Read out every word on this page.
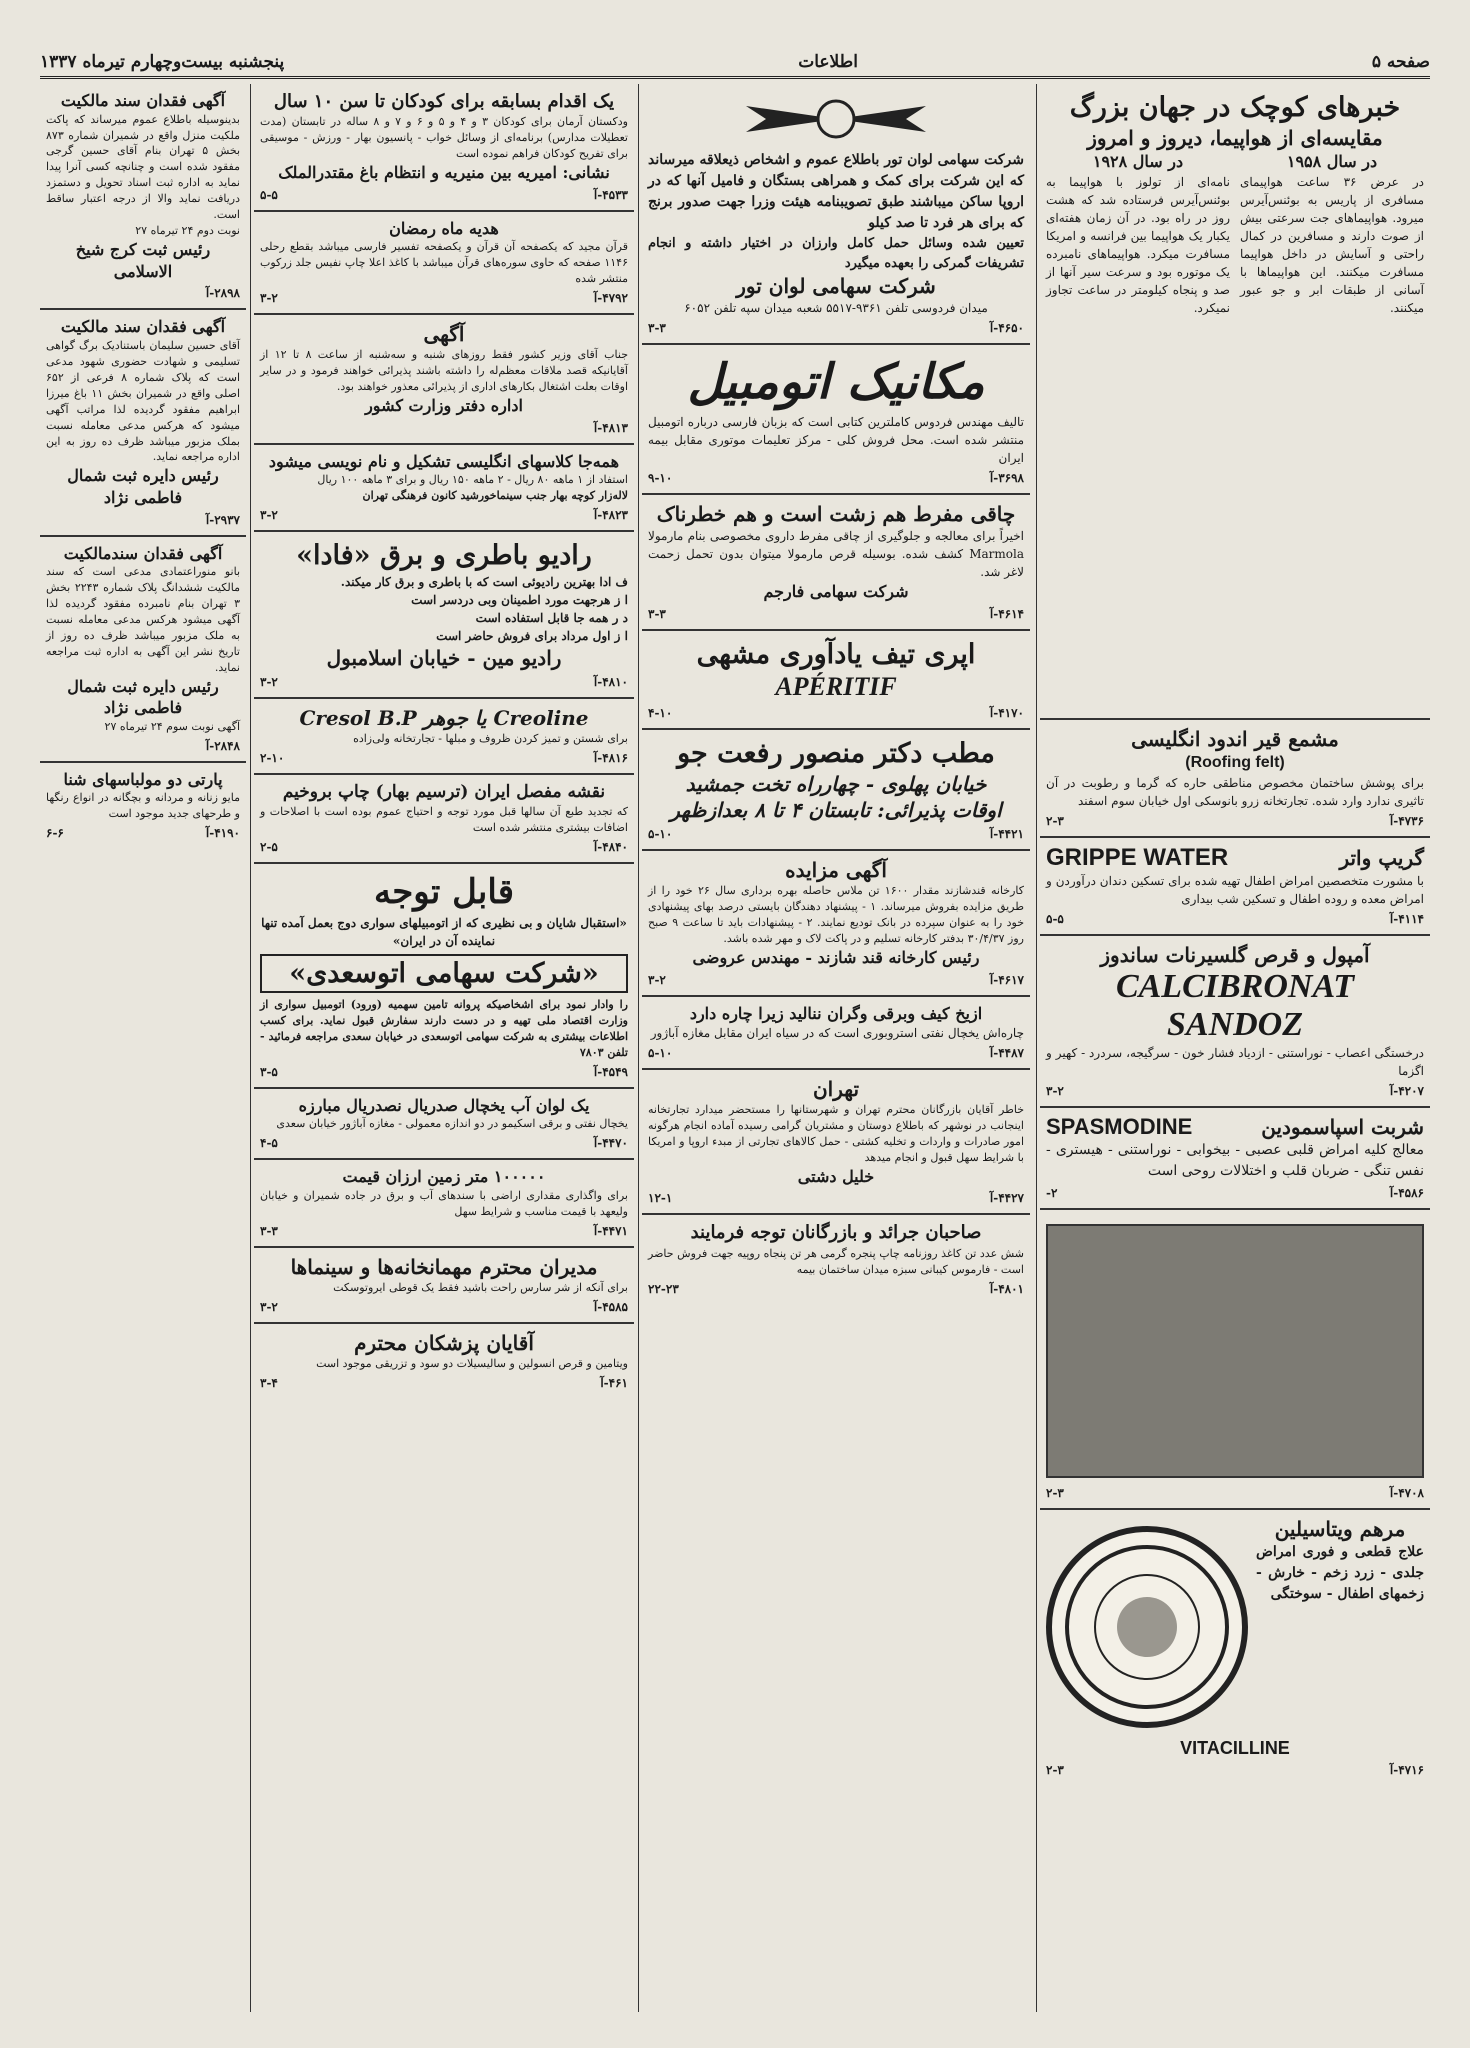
صفحه ۵
اطلاعات
پنجشنبه بیست‌وچهارم تیرماه ۱۳۳۷
خبرهای کوچک در جهان بزرگ
مقایسه‌ای از هواپیما، دیروز و امروز
در سال ۱۹۵۸
در عرض ۳۶ ساعت هواپیمای مسافری از پاریس به بوئنس‌آیرس میرود. هواپیماهای جت سرعتی بیش از صوت دارند و مسافرین در کمال راحتی و آسایش در داخل هواپیما مسافرت میکنند. این هواپیماها با آسانی از طبقات ابر و جو عبور میکنند.
در سال ۱۹۲۸
نامه‌ای از تولوز با هواپیما به بوئنس‌آیرس فرستاده شد که هشت روز در راه بود. در آن زمان هفته‌ای یکبار یک هواپیما بین فرانسه و امریکا مسافرت میکرد. هواپیماهای نامبرده یک موتوره بود و سرعت سیر آنها از صد و پنجاه کیلومتر در ساعت تجاوز نمیکرد.
مشمع قیر اندود انگلیسی
(Roofing felt)
برای پوشش ساختمان مخصوص مناطقی حاره که گرما و رطوبت در آن تاثیری ندارد وارد شده. تجارتخانه زرو بانوسکی اول خیابان سوم اسفند
۴۷۳۶-آ
۲-۳
گریپ واتر
GRIPPE WATER
با مشورت متخصصین امراض اطفال تهیه شده برای تسکین دندان درآوردن و امراض معده و روده اطفال و تسکین شب بیداری
۴۱۱۴-آ
۵-۵
آمپول و قرص گلسیرنات ساندوز
CALCIBRONAT SANDOZ
درخستگی اعصاب - نوراستنی - ازدیاد فشار خون - سرگیجه، سردرد - کهیر و اگزما
۴۲۰۷-آ
۳-۲
شربت اسپاسمودین
SPASMODINE
معالج کلیه امراض قلبی عصبی - بیخوابی - نوراستنی - هیستری - نفس تنگی - ضربان قلب و اختلالات روحی است
۴۵۸۶-آ
۲-
۴۷۰۸-آ
۲-۳
مرهم ویتاسیلین
علاج قطعی و فوری امراض جلدی - زرد زخم - خارش - زخمهای اطفال - سوختگی
VITACILLINE
۴۷۱۶-آ
۲-۳
شرکت سهامی لوان تور باطلاع عموم و اشخاص ذیعلاقه میرساند که این شرکت برای کمک و همراهی بستگان و فامیل آنها که در اروپا ساکن میباشند طبق تصویبنامه هیئت وزرا جهت صدور برنج که برای هر فرد تا صد کیلو
تعیین شده وسائل حمل کامل وارزان در اختیار داشته و انجام تشریفات گمرکی را بعهده میگیرد
شرکت سهامی لوان تور
میدان فردوسی تلفن ۹۳۶۱-۵۵۱۷ شعبه میدان سپه تلفن ۶۰۵۲
۴۶۵۰-آ
۳-۳
مکانیک اتومبیل
تالیف مهندس فردوس کاملترین کتابی است که بزبان فارسی درباره اتومبیل منتشر شده است. محل فروش کلی - مرکز تعلیمات موتوری مقابل بیمه ایران
۳۶۹۸-آ
۹-۱۰
چاقی مفرط هم زشت است و هم خطرناک
اخیراً برای معالجه و جلوگیری از چاقی مفرط داروی مخصوصی بنام مارمولا Marmola کشف شده. بوسیله قرص مارمولا میتوان بدون تحمل زحمت لاغر شد.
شرکت سهامی فارجم
۴۶۱۴-آ
۳-۳
اپری تیف یادآوری مشهی
APÉRITIF
۴۱۷۰-آ
۴-۱۰
مطب دکتر منصور رفعت جو
خیابان پهلوی - چهارراه تخت جمشید
اوقات پذیرائی: تابستان ۴ تا ۸ بعدازظهر
۴۴۲۱-آ
۵-۱۰
آگهی مزایده
کارخانه قندشازند مقدار ۱۶۰۰ تن ملاس حاصله بهره برداری سال ۲۶ خود را از طریق مزایده بفروش میرساند. ۱ - پیشنهاد دهندگان بایستی درصد بهای پیشنهادی خود را به عنوان سپرده در بانک تودیع نمایند. ۲ - پیشنهادات باید تا ساعت ۹ صبح روز ۳۰/۴/۳۷ بدفتر کارخانه تسلیم و در پاکت لاک و مهر شده باشد.
رئیس کارخانه قند شازند - مهندس عروضی
۴۶۱۷-آ
۳-۲
ازیخ کیف وبرقی وگران ننالید زیرا چاره دارد
چاره‌اش یخچال نفتی استروبوری است که در سیاه ایران مقابل مغازه آباژور
۴۴۸۷-آ
۵-۱۰
تهران
خاطر آقایان بازرگانان محترم تهران و شهرستانها را مستحضر میدارد تجارتخانه اینجانب در نوشهر که باطلاع دوستان و مشتریان گرامی رسیده آماده انجام هرگونه امور صادرات و واردات و تخلیه کشتی - حمل کالاهای تجارتی از مبدء اروپا و امریکا با شرایط سهل قبول و انجام میدهد
خلیل دشتی
۴۴۲۷-آ
۱۲-۱
صاحبان جرائد و بازرگانان توجه فرمایند
شش عدد تن کاغذ روزنامه چاپ پنجره گرمی هر تن پنجاه روپیه جهت فروش حاضر است - فارموس کیبانی سبزه میدان ساختمان بیمه
۴۸۰۱-آ
۲۲-۲۳
یک اقدام بسابقه برای کودکان تا سن ۱۰ سال
ودکستان آرمان برای کودکان ۳ و ۴ و ۵ و ۶ و ۷ و ۸ ساله در تابستان (مدت تعطیلات مدارس) برنامه‌ای از وسائل خواب - پانسیون بهار - ورزش - موسیقی برای تفریح کودکان فراهم نموده است
نشانی: امیریه بین منیریه و انتظام باغ مقتدرالملک
۴۵۳۳-آ
۵-۵
هدیه ماه رمضان
قرآن مجید که یکصفحه آن قرآن و یکصفحه تفسیر فارسی میباشد بقطع رحلی ۱۱۴۶ صفحه که حاوی سوره‌های قرآن میباشد با کاغذ اعلا چاپ نفیس جلد زرکوب منتشر شده
۴۷۹۲-آ
۳-۲
آگهی
جناب آقای وزیر کشور فقط روزهای شنبه و سه‌شنبه از ساعت ۸ تا ۱۲ از آقایانیکه قصد ملاقات معظم‌له را داشته باشند پذیرائی خواهند فرمود و در سایر اوقات بعلت اشتغال بکارهای اداری از پذیرائی معذور خواهند بود.
اداره دفتر وزارت کشور
۴۸۱۳-آ
همه‌جا کلاسهای انگلیسی تشکیل و نام نویسی میشود
استفاد از ۱ ماهه ۸۰ ریال - ۲ ماهه ۱۵۰ ریال و برای ۳ ماهه ۱۰۰ ریال
لاله‌زار کوچه بهار جنب سینماخورشید کانون فرهنگی تهران
۴۸۲۳-آ
۳-۲
رادیو باطری و برق «فادا»
ف ادا بهترین رادیوئی است که با باطری و برق کار میکند.
ا ز هرجهت مورد اطمینان وبی دردسر است
د ر همه جا قابل استفاده است
ا ز اول مرداد برای فروش حاضر است
رادیو مین - خیابان اسلامبول
۴۸۱۰-آ
۳-۲
Creoline یا جوهر Cresol B.P
برای شستن و تمیز کردن ظروف و مبلها - تجارتخانه ولی‌زاده
۴۸۱۶-آ
۲-۱۰
نقشه مفصل ایران (ترسیم بهار) چاپ بروخیم
که تجدید طبع آن سالها قبل مورد توجه و احتیاج عموم بوده است با اصلاحات و اضافات بیشتری منتشر شده است
۴۸۴۰-آ
۲-۵
قابل توجه
«استقبال شایان و بی نظیری که از اتومبیلهای سواری دوج بعمل آمده تنها نماینده آن در ایران»
«شرکت سهامی اتوسعدی»
را وادار نمود برای اشخاصیکه پروانه تامین سهمیه (ورود) اتومبیل سواری از وزارت اقتصاد ملی تهیه و در دست دارند سفارش قبول نماید. برای کسب اطلاعات بیشتری به شرکت سهامی اتوسعدی در خیابان سعدی مراجعه فرمائید - تلفن ۷۸۰۳
۴۵۴۹-آ
۳-۵
یک لوان آب یخچال صدریال نصدریال مبارزه
یخچال نفتی و برقی اسکیمو در دو اندازه معمولی - مغازه آباژور خیابان سعدی
۴۴۷۰-آ
۴-۵
۱۰۰۰۰۰ متر زمین ارزان قیمت
برای واگذاری مقداری اراضی با سندهای آب و برق در جاده شمیران و خیابان ولیعهد با قیمت مناسب و شرایط سهل
۴۴۷۱-آ
۳-۳
مدیران محترم مهمانخانه‌ها و سینماها
برای آنکه از شر سارس راحت باشید فقط یک قوطی ایروتوسکت
۴۵۸۵-آ
۳-۲
آقایان پزشکان محترم
ویتامین و قرص انسولین و سالیسیلات دو سود و تزریقی موجود است
۴۶۱-آ
۳-۴
آگهی فقدان سند مالکیت
بدینوسیله باطلاع عموم میرساند که پاکت ملکیت منزل واقع در شمیران شماره ۸۷۳ بخش ۵ تهران بنام آقای حسین گرجی مفقود شده است و چنانچه کسی آنرا پیدا نماید به اداره ثبت اسناد تحویل و دستمزد دریافت نماید والا از درجه اعتبار ساقط است.
نوبت دوم ۲۴ تیرماه ۲۷
رئیس ثبت کرج شیخ الاسلامی
۲۸۹۸-آ
آگهی فقدان سند مالکیت
آقای حسین سلیمان باستنادیک برگ گواهی تسلیمی و شهادت حضوری شهود مدعی است که پلاک شماره ۸ فرعی از ۶۵۲ اصلی واقع در شمیران بخش ۱۱ باغ میرزا ابراهیم مفقود گردیده لذا مراتب آگهی میشود که هرکس مدعی معامله نسبت بملک مزبور میباشد ظرف ده روز به این اداره مراجعه نماید.
رئیس دایره ثبت شمال فاطمی نژاد
۲۹۳۷-آ
آگهی فقدان سندمالکیت
بانو منوراعتمادی مدعی است که سند مالکیت ششدانگ پلاک شماره ۲۲۴۳ بخش ۳ تهران بنام نامبرده مفقود گردیده لذا آگهی میشود هرکس مدعی معامله نسبت به ملک مزبور میباشد ظرف ده روز از تاریخ نشر این آگهی به اداره ثبت مراجعه نماید.
رئیس دایره ثبت شمال فاطمی نژاد
آگهی نوبت سوم ۲۴ تیرماه ۲۷
۲۸۴۸-آ
پارتی دو مولباسهای شنا
مایو زنانه و مردانه و بچگانه در انواع رنگها و طرحهای جدید موجود است
۴۱۹۰-آ
۶-۶
